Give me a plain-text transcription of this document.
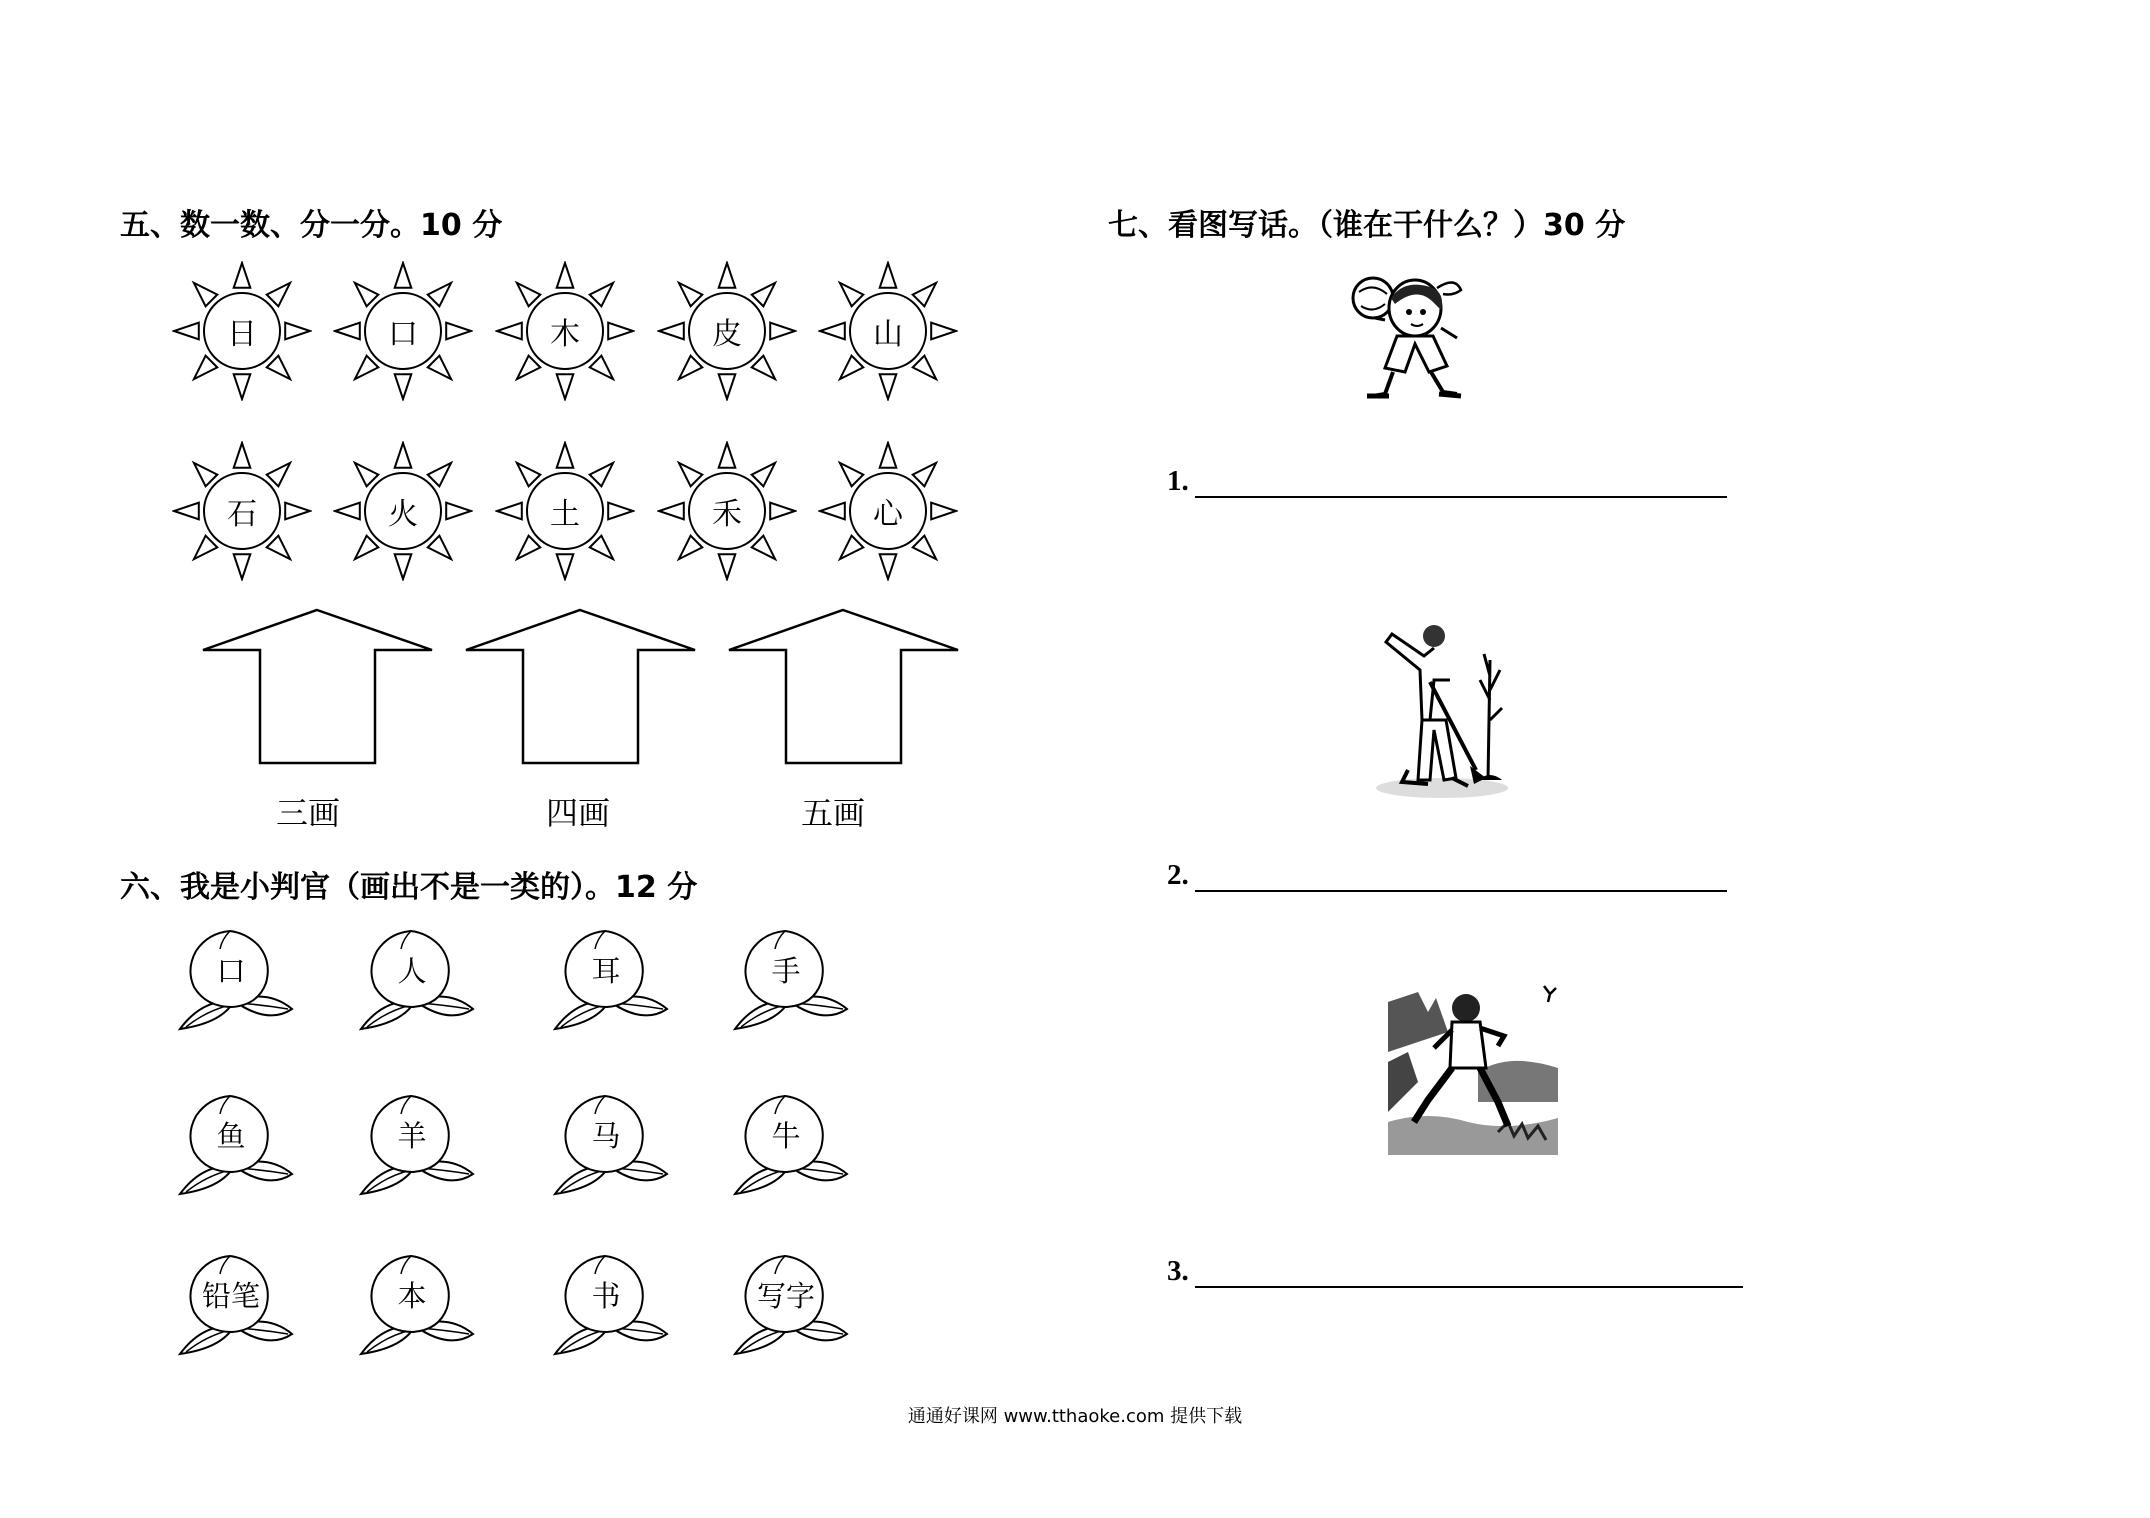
五、数一数、分一分。10 分
日	口	木	皮	山
石	火	土	禾	心
三画	四画	五画
六、我是小判官（画出不是一类的）。12 分
口	人	耳	手
鱼	羊	马	牛
铅笔	本	书	写字
七、看图写话。（谁在干什么？）30 分
1.
2.
3.
通通好课网 www.tthaoke.com 提供下载
